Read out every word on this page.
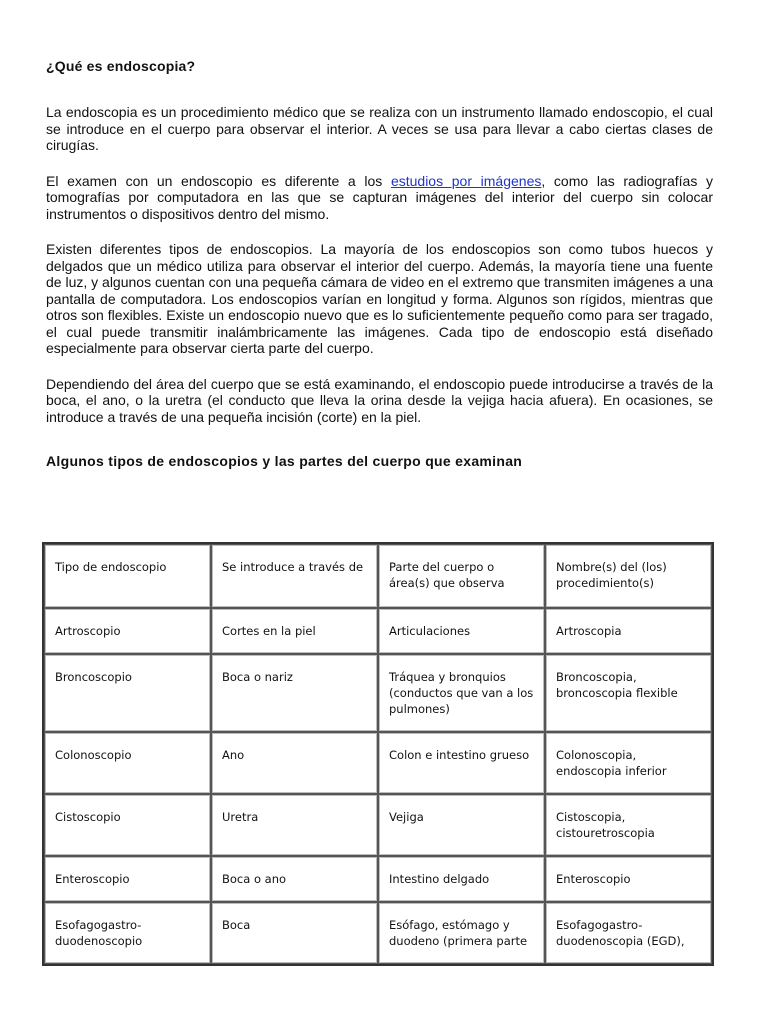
¿Qué es endoscopia?

La endoscopia es un procedimiento médico que se realiza con un instrumento llamado endoscopio, el cual se introduce en el cuerpo para observar el interior. A veces se usa para llevar a cabo ciertas clases de cirugías.

El examen con un endoscopio es diferente a los estudios por imágenes, como las radiografías y tomografías por computadora en las que se capturan imágenes del interior del cuerpo sin colocar instrumentos o dispositivos dentro del mismo.

Existen diferentes tipos de endoscopios. La mayoría de los endoscopios son como tubos huecos y delgados que un médico utiliza para observar el interior del cuerpo. Además, la mayoría tiene una fuente de luz, y algunos cuentan con una pequeña cámara de video en el extremo que transmiten imágenes a una pantalla de computadora. Los endoscopios varían en longitud y forma. Algunos son rígidos, mientras que otros son flexibles. Existe un endoscopio nuevo que es lo suficientemente pequeño como para ser tragado, el cual puede transmitir inalámbricamente las imágenes. Cada tipo de endoscopio está diseñado especialmente para observar cierta parte del cuerpo.

Dependiendo del área del cuerpo que se está examinando, el endoscopio puede introducirse a través de la boca, el ano, o la uretra (el conducto que lleva la orina desde la vejiga hacia afuera). En ocasiones, se introduce a través de una pequeña incisión (corte) en la piel.

Algunos tipos de endoscopios y las partes del cuerpo que examinan
Tipo de endoscopio	Se introduce a través de	Parte del cuerpo o área(s) que observa	Nombre(s) del (los) procedimiento(s)
Artroscopio	Cortes en la piel	Articulaciones	Artroscopia
Broncoscopio	Boca o nariz	Tráquea y bronquios (conductos que van a los pulmones)	Broncoscopia, broncoscopia flexible
Colonoscopio	Ano	Colon e intestino grueso	Colonoscopia, endoscopia inferior
Cistoscopio	Uretra	Vejiga	Cistoscopia, cistouretroscopia
Enteroscopio	Boca o ano	Intestino delgado	Enteroscopio
Esofagogastro-duodenoscopio	Boca	Esófago, estómago y duodeno (primera parte	Esofagogastro-duodenoscopia (EGD),
